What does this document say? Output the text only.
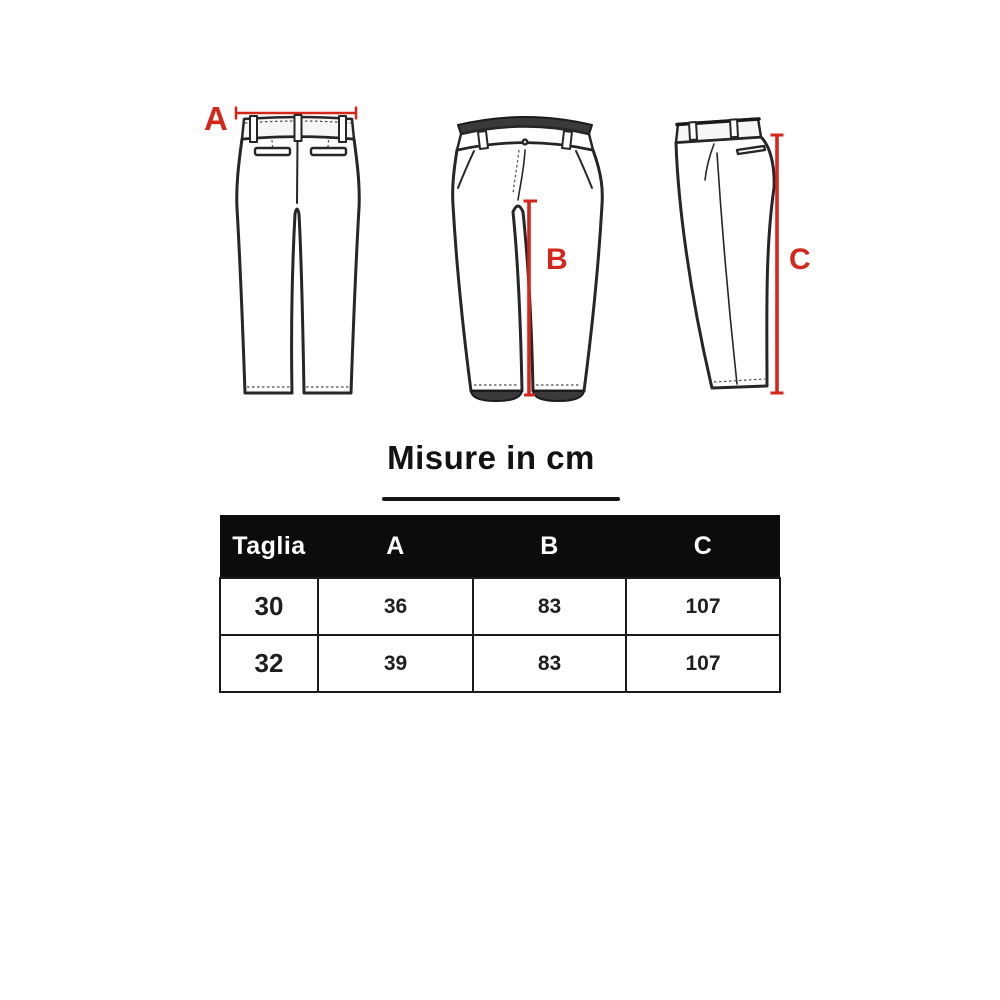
A
B	C
Misure in cm
Taglia	A	B	C
30	36	83	107
32	39	83	107
